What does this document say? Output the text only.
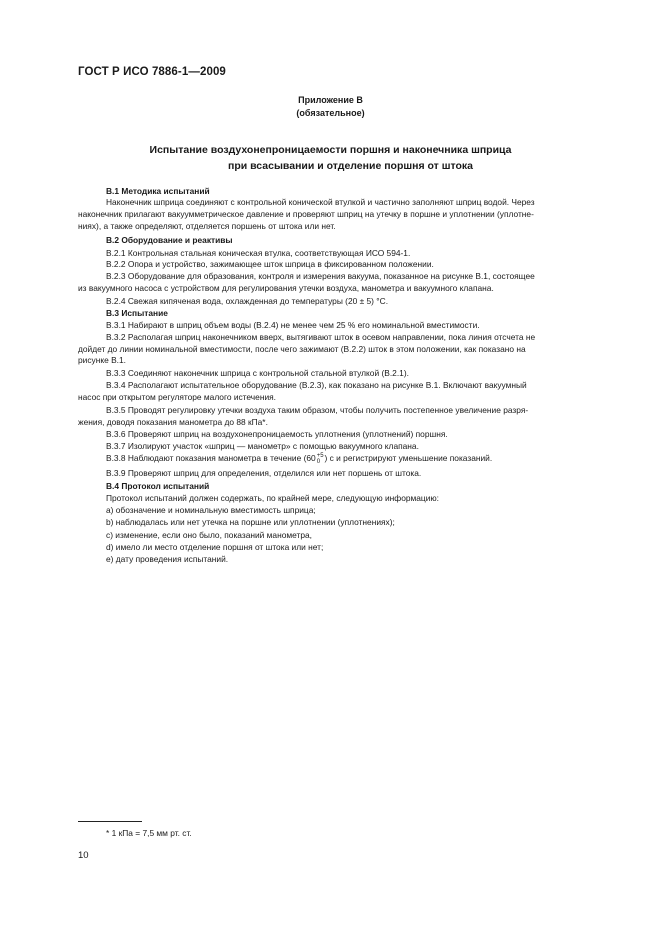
ГОСТ Р ИСО 7886-1—2009
Приложение В
(обязательное)
Испытание воздухонепроницаемости поршня и наконечника шприца
при всасывании и отделение поршня от штока
В.1 Методика испытаний
Наконечник шприца соединяют с контрольной конической втулкой и частично заполняют шприц водой. Через
наконечник прилагают вакуумметрическое давление и проверяют шприц на утечку в поршне и уплотнении (уплотне-
ниях), а также определяют, отделяется поршень от штока или нет.
В.2 Оборудование и реактивы
В.2.1 Контрольная стальная коническая втулка, соответствующая ИСО 594-1.
В.2.2 Опора и устройство, зажимающее шток шприца в фиксированном положении.
В.2.3 Оборудование для образования, контроля и измерения вакуума, показанное на рисунке В.1, состоящее
из вакуумного насоса с устройством для регулирования утечки воздуха, манометра и вакуумного клапана.
В.2.4 Свежая кипяченая вода, охлажденная до температуры (20 ± 5) °С.
В.3 Испытание
В.3.1 Набирают в шприц объем воды (В.2.4) не менее чем 25 % его номинальной вместимости.
В.3.2 Располагая шприц наконечником вверх, вытягивают шток в осевом направлении, пока линия отсчета не
дойдет до линии номинальной вместимости, после чего зажимают (В.2.2) шток в этом положении, как показано на
рисунке В.1.
В.3.3 Соединяют наконечник шприца с контрольной стальной втулкой (В.2.1).
В.3.4 Располагают испытательное оборудование (В.2.3), как показано на рисунке В.1. Включают вакуумный
насос при открытом регуляторе малого истечения.
В.3.5 Проводят регулировку утечки воздуха таким образом, чтобы получить постепенное увеличение разря-
жения, доводя показания манометра до 88 кПа*.
В.3.6 Проверяют шприц на воздухонепроницаемость уплотнения (уплотнений) поршня.
В.3.7 Изолируют участок «шприц — манометр» с помощью вакуумного клапана.
В.3.8 Наблюдают показания манометра в течение (60 +5
0 ) с и регистрируют уменьшение показаний.
В.3.9 Проверяют шприц для определения, отделился или нет поршень от штока.
В.4 Протокол испытаний
Протокол испытаний должен содержать, по крайней мере, следующую информацию:
a) обозначение и номинальную вместимость шприца;
b) наблюдалась или нет утечка на поршне или уплотнении (уплотнениях);
c) изменение, если оно было, показаний манометра,
d) имело ли место отделение поршня от штока или нет;
e) дату проведения испытаний.
* 1 кПа = 7,5 мм рт. ст.
10
